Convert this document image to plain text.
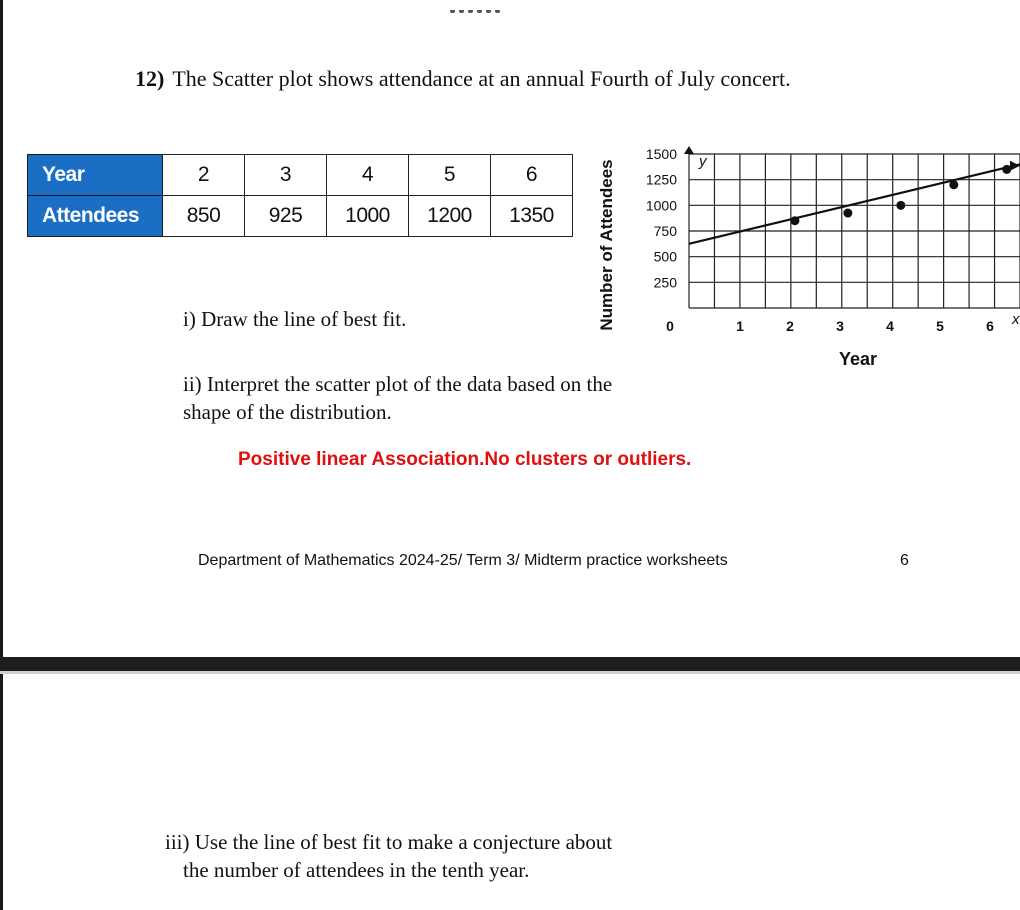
12) The Scatter plot shows attendance at an annual Fourth of July concert.
Year	2	3	4	5	6
Attendees	850	925	1000	1200	1350
y
250
500
750
1000
1250
1500
0	1	2	3	4	5	6 x
Year
Number of Attendees
i) Draw the line of best fit.
ii) Interpret the scatter plot of the data based on the
shape of the distribution.
Positive linear Association.No clusters or outliers.
Department of Mathematics 2024-25/ Term 3/ Midterm practice worksheets	6
iii) Use the line of best fit to make a conjecture about
the number of attendees in the tenth year.
